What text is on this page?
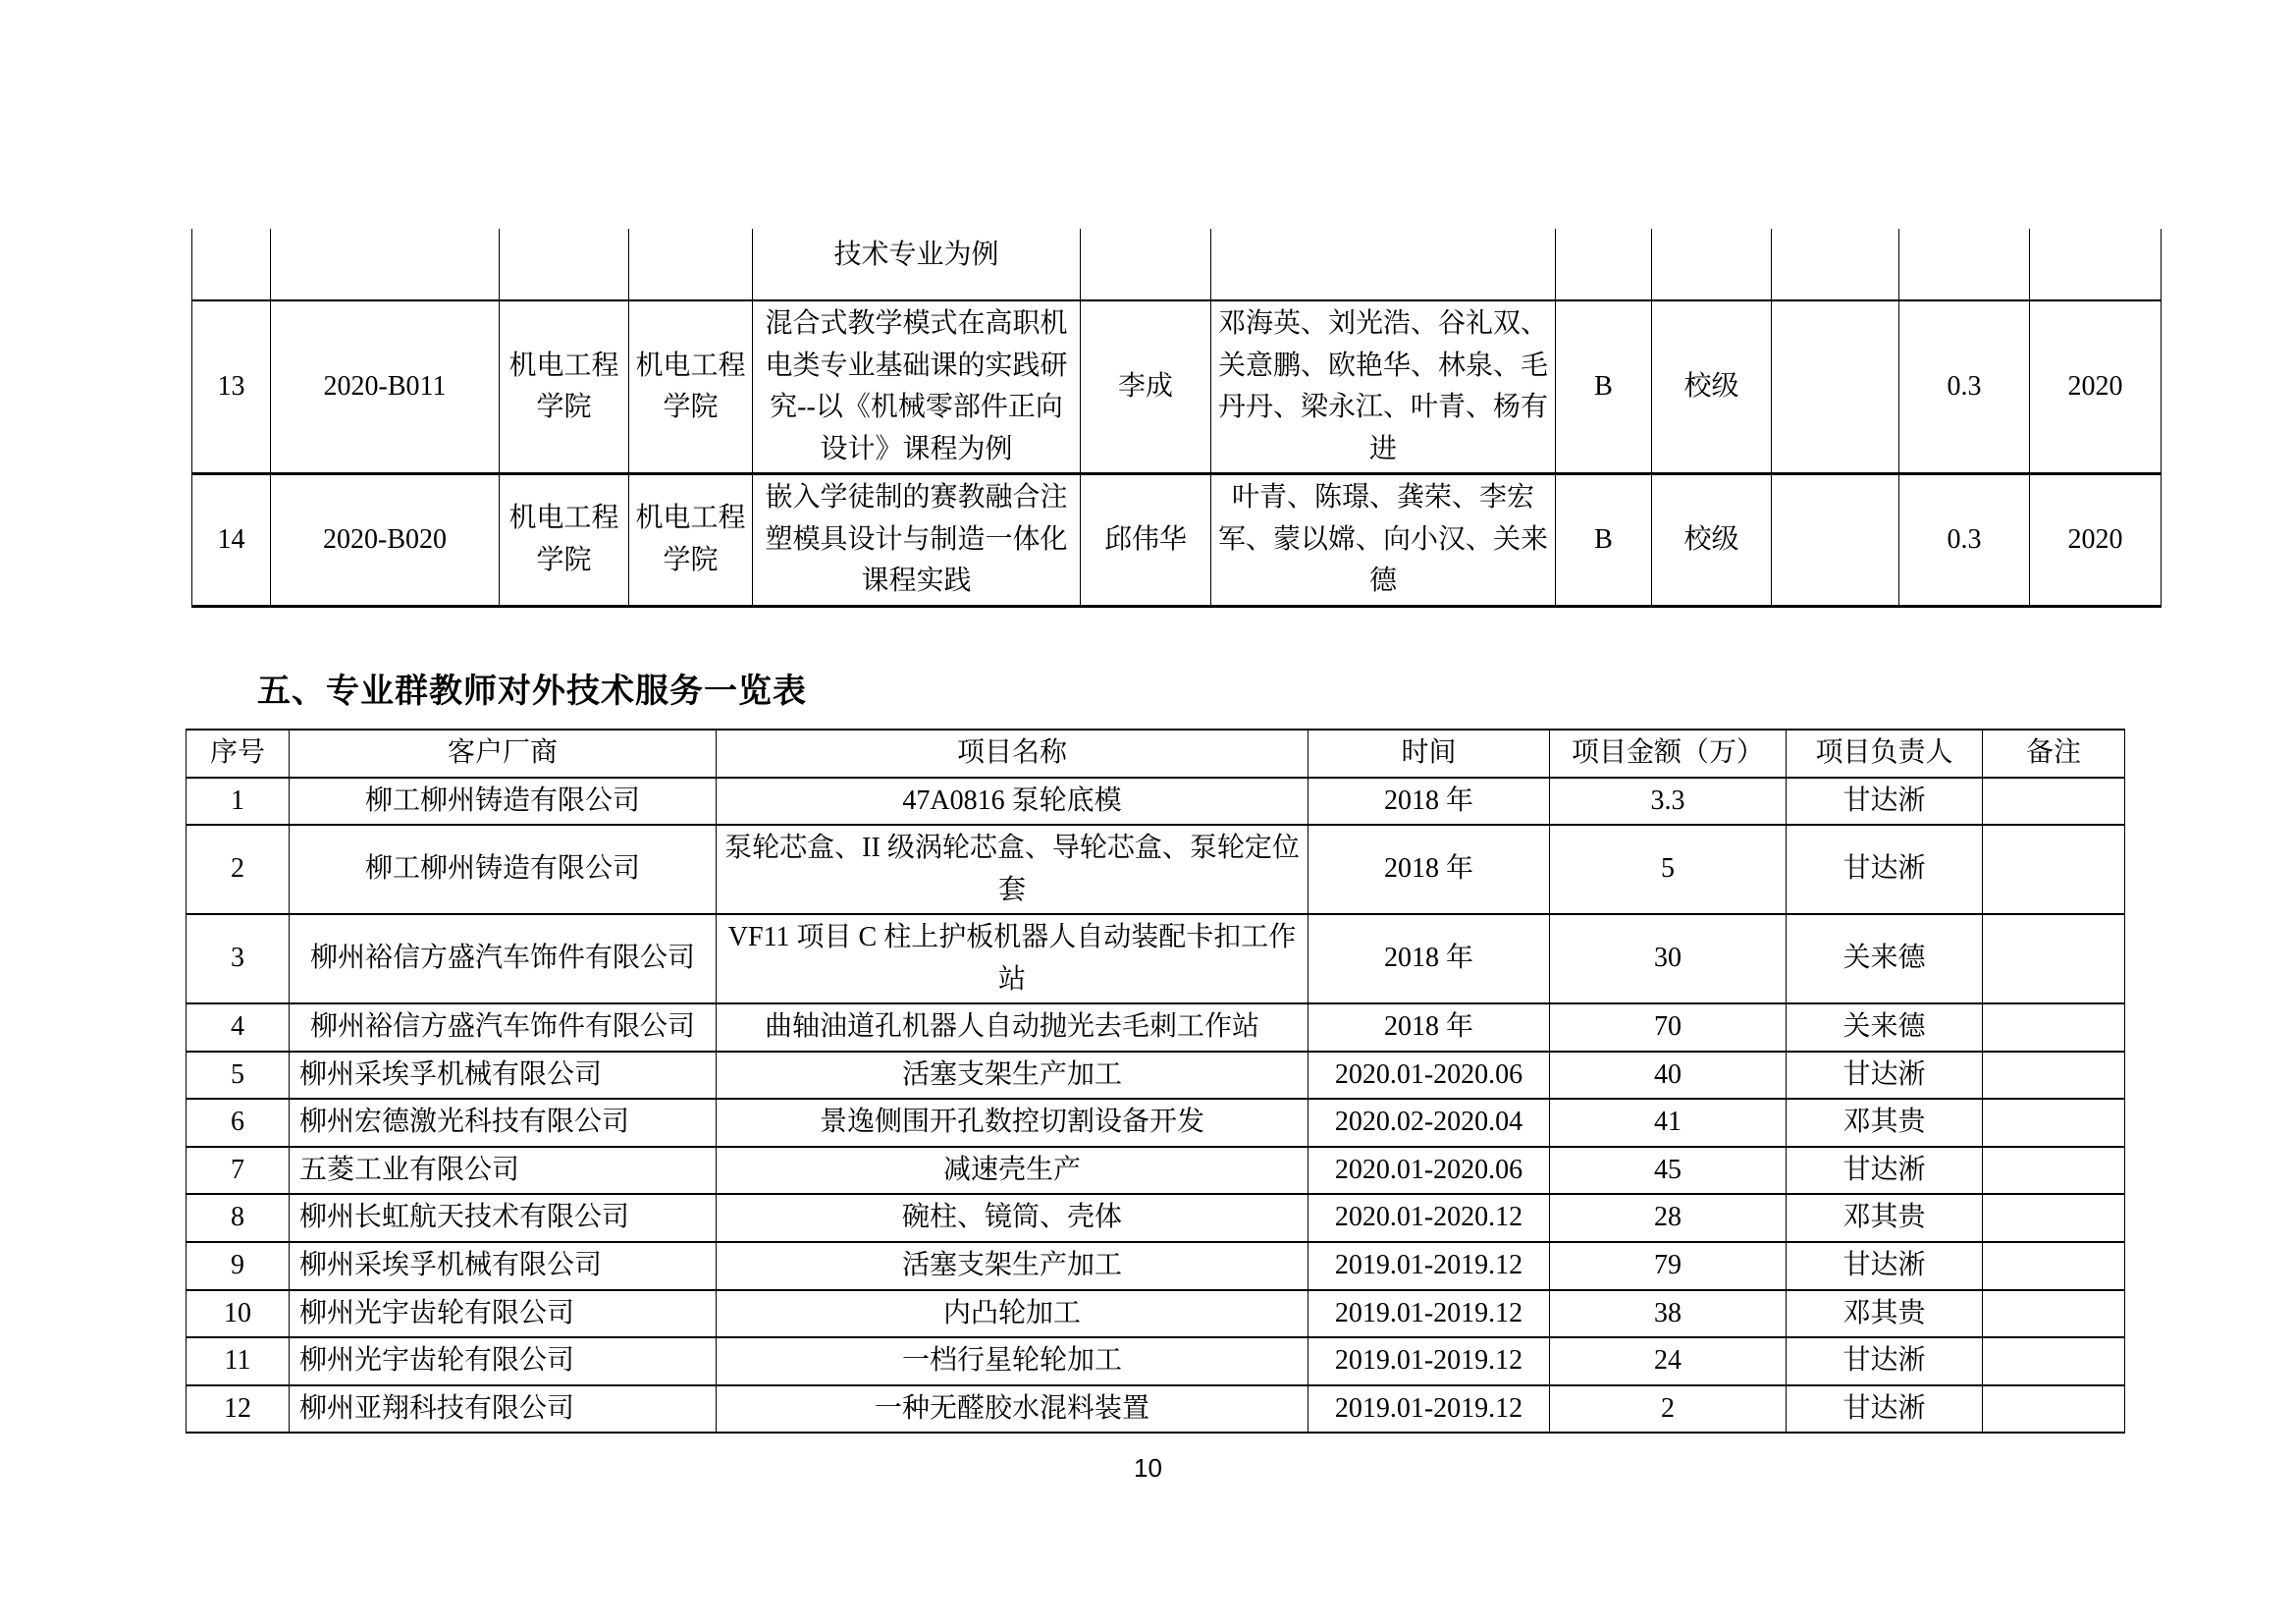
				技术专业为例							
13	2020-B011	机电工程学院	机电工程学院	混合式教学模式在高职机电类专业基础课的实践研究--以《机械零部件正向设计》课程为例	李成	邓海英、刘光浩、谷礼双、关意鹏、欧艳华、林泉、毛丹丹、梁永江、叶青、杨有进	B	校级		0.3	2020
14	2020-B020	机电工程学院	机电工程学院	嵌入学徒制的赛教融合注塑模具设计与制造一体化课程实践	邱伟华	叶青、陈璟、龚荣、李宏军、蒙以嫦、向小汉、关来德	B	校级		0.3	2020
五、专业群教师对外技术服务一览表
序号	客户厂商	项目名称	时间	项目金额（万）	项目负责人	备注
1	柳工柳州铸造有限公司	47A0816 泵轮底模	2018 年	3.3	甘达淅	
2	柳工柳州铸造有限公司	泵轮芯盒、II 级涡轮芯盒、导轮芯盒、泵轮定位套	2018 年	5	甘达淅	
3	柳州裕信方盛汽车饰件有限公司	VF11 项目 C 柱上护板机器人自动装配卡扣工作站	2018 年	30	关来德	
4	柳州裕信方盛汽车饰件有限公司	曲轴油道孔机器人自动抛光去毛刺工作站	2018 年	70	关来德	
5	柳州采埃孚机械有限公司	活塞支架生产加工	2020.01-2020.06	40	甘达淅	
6	柳州宏德激光科技有限公司	景逸侧围开孔数控切割设备开发	2020.02-2020.04	41	邓其贵	
7	五菱工业有限公司	减速壳生产	2020.01-2020.06	45	甘达淅	
8	柳州长虹航天技术有限公司	碗柱、镜筒、壳体	2020.01-2020.12	28	邓其贵	
9	柳州采埃孚机械有限公司	活塞支架生产加工	2019.01-2019.12	79	甘达淅	
10	柳州光宇齿轮有限公司	内凸轮加工	2019.01-2019.12	38	邓其贵	
11	柳州光宇齿轮有限公司	一档行星轮轮加工	2019.01-2019.12	24	甘达淅	
12	柳州亚翔科技有限公司	一种无醛胶水混料装置	2019.01-2019.12	2	甘达淅	
10
